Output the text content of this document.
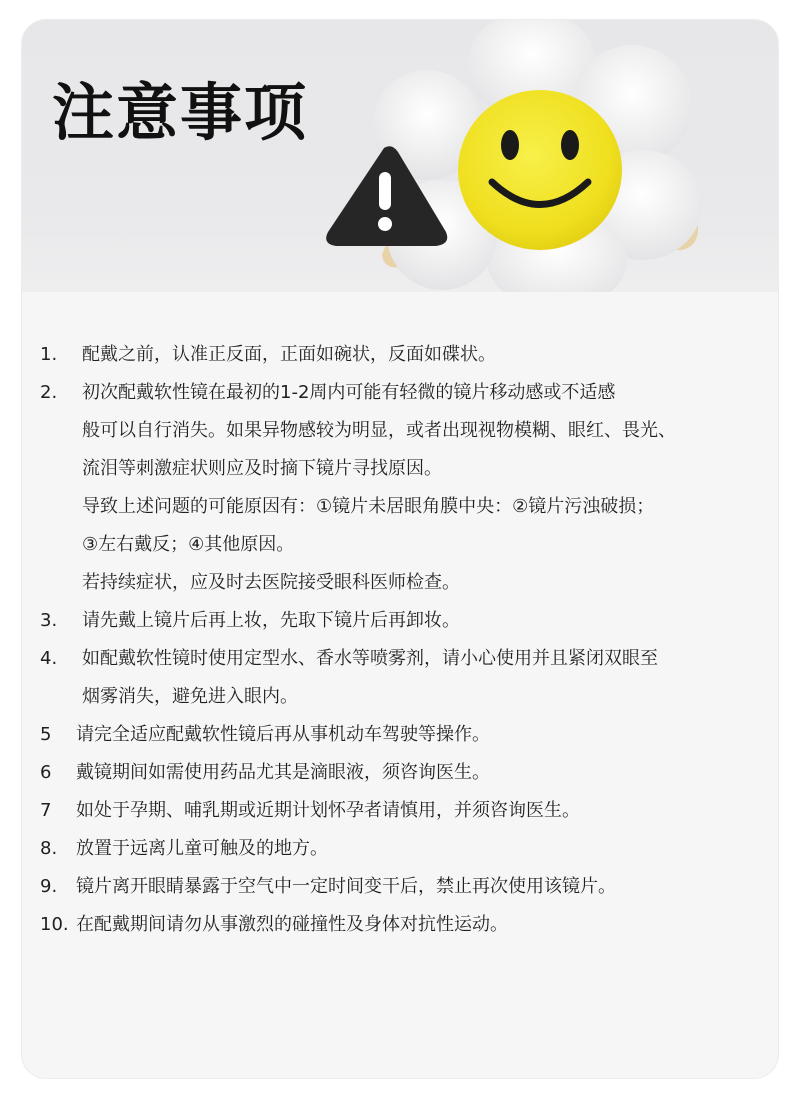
注意事项
1. 配戴之前，认准正反面，正面如碗状，反面如碟状。
2. 初次配戴软性镜在最初的1-2周内可能有轻微的镜片移动感或不适感
般可以自行消失。如果异物感较为明显，或者出现视物模糊、眼红、畏光、
流泪等刺激症状则应及时摘下镜片寻找原因。
导致上述问题的可能原因有：①镜片未居眼角膜中央：②镜片污浊破损；
③左右戴反；④其他原因。
若持续症状，应及时去医院接受眼科医师检查。
3. 请先戴上镜片后再上妆，先取下镜片后再卸妆。
4. 如配戴软性镜时使用定型水、香水等喷雾剂，请小心使用并且紧闭双眼至
烟雾消失，避免进入眼内。
5 请完全适应配戴软性镜后再从事机动车驾驶等操作。
6 戴镜期间如需使用药品尤其是滴眼液，须咨询医生。
7 如处于孕期、哺乳期或近期计划怀孕者请慎用，并须咨询医生。
8. 放置于远离儿童可触及的地方。
9. 镜片离开眼睛暴露于空气中一定时间变干后，禁止再次使用该镜片。
10. 在配戴期间请勿从事激烈的碰撞性及身体对抗性运动。
